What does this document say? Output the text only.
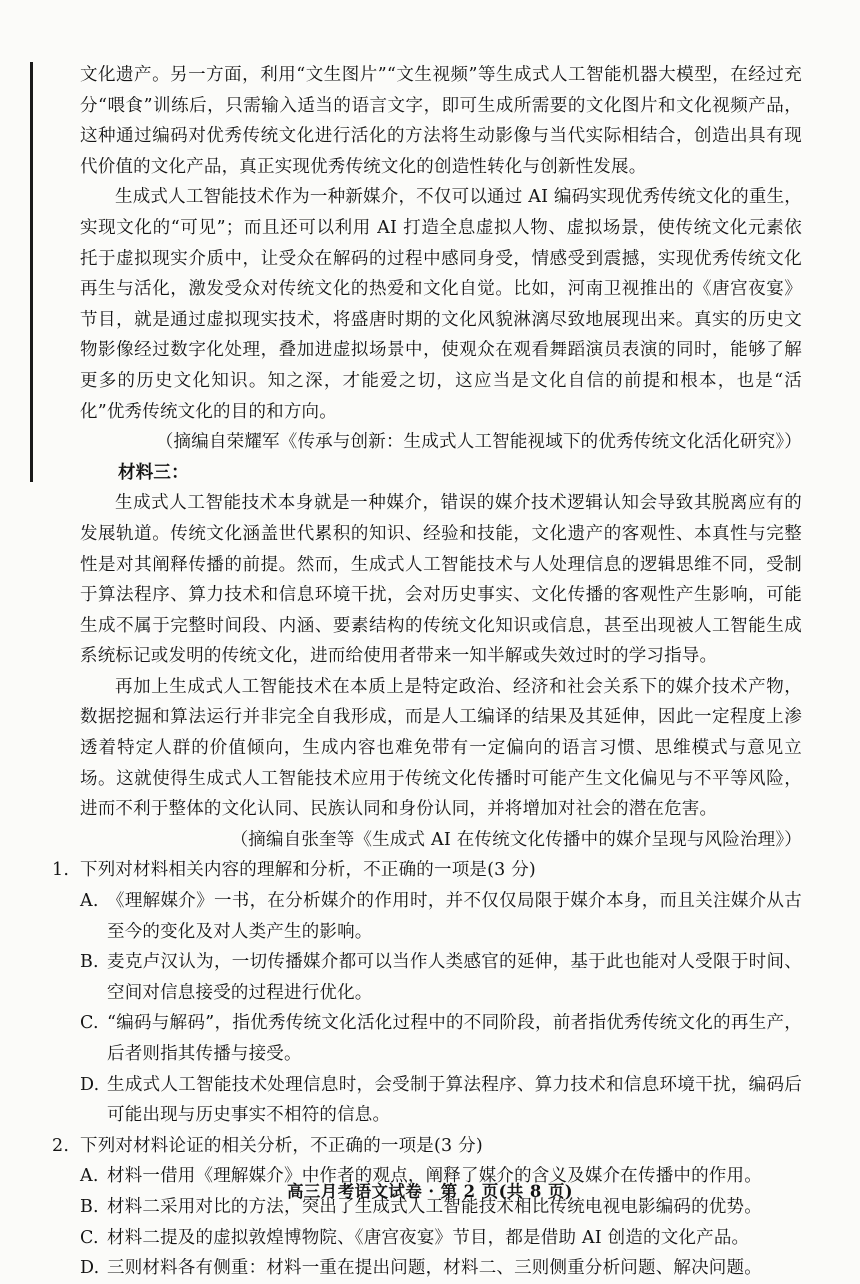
文化遗产。另一方面，利用“文生图片”“文生视频”等生成式人工智能机器大模型，在经过充分“喂食”训练后，只需输入适当的语言文字，即可生成所需要的文化图片和文化视频产品，这种通过编码对优秀传统文化进行活化的方法将生动影像与当代实际相结合，创造出具有现代价值的文化产品，真正实现优秀传统文化的创造性转化与创新性发展。

生成式人工智能技术作为一种新媒介，不仅可以通过 AI 编码实现优秀传统文化的重生，实现文化的“可见”；而且还可以利用 AI 打造全息虚拟人物、虚拟场景，使传统文化元素依托于虚拟现实介质中，让受众在解码的过程中感同身受，情感受到震撼，实现优秀传统文化再生与活化，激发受众对传统文化的热爱和文化自觉。比如，河南卫视推出的《唐宫夜宴》节目，就是通过虚拟现实技术，将盛唐时期的文化风貌淋漓尽致地展现出来。真实的历史文物影像经过数字化处理，叠加进虚拟场景中，使观众在观看舞蹈演员表演的同时，能够了解更多的历史文化知识。知之深，才能爱之切，这应当是文化自信的前提和根本，也是“活化”优秀传统文化的目的和方向。

（摘编自荣耀军《传承与创新：生成式人工智能视域下的优秀传统文化活化研究》）

材料三：

生成式人工智能技术本身就是一种媒介，错误的媒介技术逻辑认知会导致其脱离应有的发展轨道。传统文化涵盖世代累积的知识、经验和技能，文化遗产的客观性、本真性与完整性是对其阐释传播的前提。然而，生成式人工智能技术与人处理信息的逻辑思维不同，受制于算法程序、算力技术和信息环境干扰，会对历史事实、文化传播的客观性产生影响，可能生成不属于完整时间段、内涵、要素结构的传统文化知识或信息，甚至出现被人工智能生成系统标记或发明的传统文化，进而给使用者带来一知半解或失效过时的学习指导。

再加上生成式人工智能技术在本质上是特定政治、经济和社会关系下的媒介技术产物，数据挖掘和算法运行并非完全自我形成，而是人工编译的结果及其延伸，因此一定程度上渗透着特定人群的价值倾向，生成内容也难免带有一定偏向的语言习惯、思维模式与意见立场。这就使得生成式人工智能技术应用于传统文化传播时可能产生文化偏见与不平等风险，进而不利于整体的文化认同、民族认同和身份认同，并将增加对社会的潜在危害。

（摘编自张奎等《生成式 AI 在传统文化传播中的媒介呈现与风险治理》）

1. 下列对材料相关内容的理解和分析，不正确的一项是(3 分)

A. 《理解媒介》一书，在分析媒介的作用时，并不仅仅局限于媒介本身，而且关注媒介从古至今的变化及对人类产生的影响。

B. 麦克卢汉认为，一切传播媒介都可以当作人类感官的延伸，基于此也能对人受限于时间、空间对信息接受的过程进行优化。

C. “编码与解码”，指优秀传统文化活化过程中的不同阶段，前者指优秀传统文化的再生产，后者则指其传播与接受。

D. 生成式人工智能技术处理信息时，会受制于算法程序、算力技术和信息环境干扰，编码后可能出现与历史事实不相符的信息。

2. 下列对材料论证的相关分析，不正确的一项是(3 分)

A. 材料一借用《理解媒介》中作者的观点，阐释了媒介的含义及媒介在传播中的作用。

B. 材料二采用对比的方法，突出了生成式人工智能技术相比传统电视电影编码的优势。

C. 材料二提及的虚拟敦煌博物院、《唐宫夜宴》节目，都是借助 AI 创造的文化产品。

D. 三则材料各有侧重：材料一重在提出问题，材料二、三则侧重分析问题、解决问题。

高三月考语文试卷 · 第 2 页(共 8 页)
